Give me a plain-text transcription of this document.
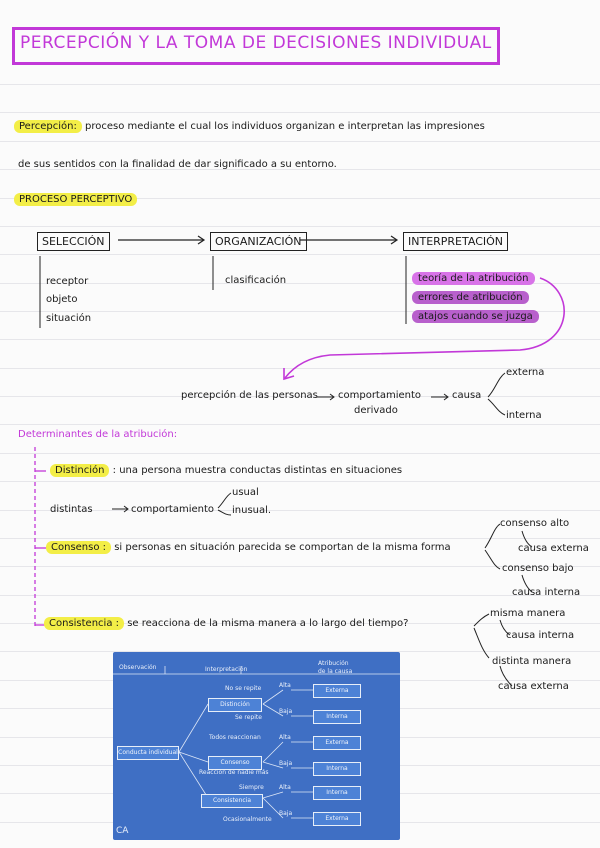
PERCEPCIÓN Y LA TOMA DE DECISIONES INDIVIDUAL
Percepción: proceso mediante el cual los individuos organizan e interpretan las impresiones
de sus sentidos con la finalidad de dar significado a su entorno.
PROCESO PERCEPTIVO
SELECCIÓN	ORGANIZACIÓN	INTERPRETACIÓN
receptor
objeto
situación
clasificación	teoría de la atribución
errores de atribución
atajos cuando se juzga
percepción de las personas comportamiento
derivado
causa
externa
interna
Determinantes de la atribución:
Distinción : una persona muestra conductas distintas en situaciones
distintas	comportamiento
usual
inusual.
Consenso : si personas en situación parecida se comportan de la misma forma
consenso alto
causa externa
consenso bajo
causa interna
Consistencia : se reacciona de la misma manera a lo largo del tiempo?
misma manera
causa interna
distinta manera
causa externa
Observación	Interpretación
Atribución
de la causa
Conducta individual
No se repite
Distinción
Se repite
Todos reaccionan
Consenso
Reacción de nadie más
Siempre
Consistencia
Ocasionalmente
Alta
Baja
Alta
Baja
Alta
Baja
Externa
Interna
Externa
Interna
Interna
Externa
CA
